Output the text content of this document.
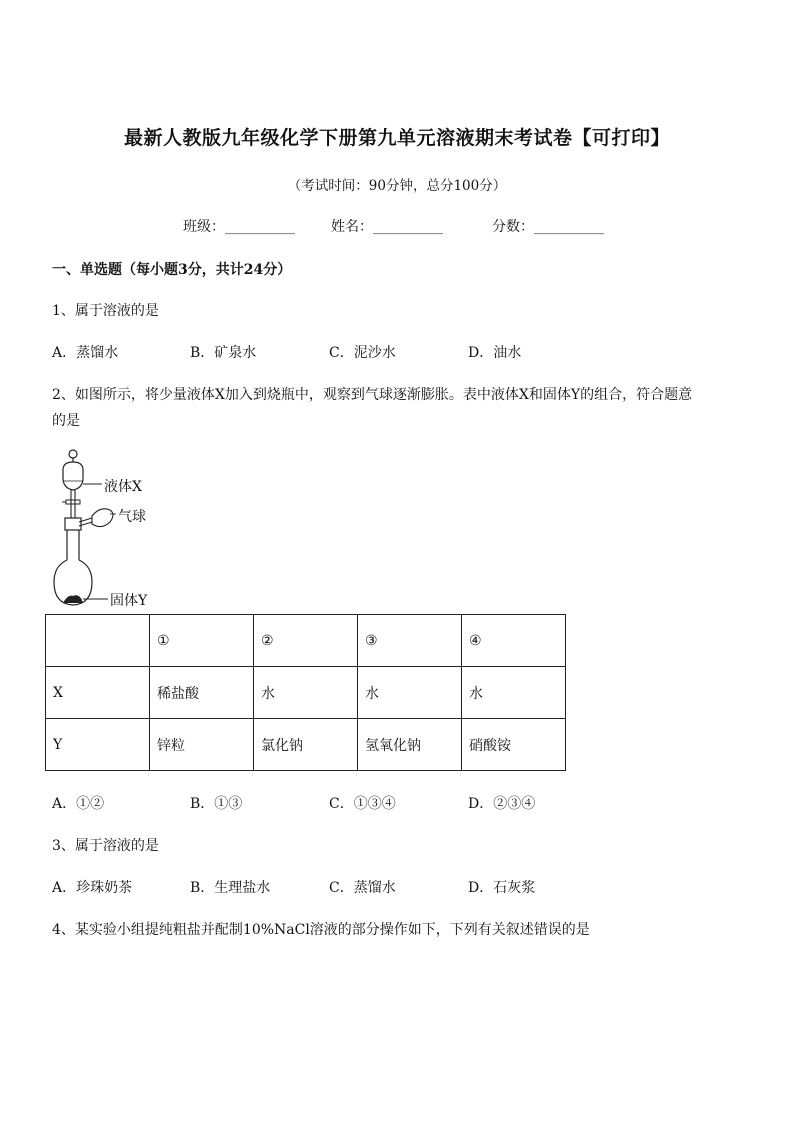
最新人教版九年级化学下册第九单元溶液期末考试卷【可打印】
（考试时间：90分钟，总分100分）
班级：__________	姓名：__________	分数：__________
一、单选题（每小题3分，共计24分）
1、属于溶液的是
A．蒸馏水	B．矿泉水	C．泥沙水	D．油水
2、如图所示，将少量液体X加入到烧瓶中，观察到气球逐渐膨胀。表中液体X和固体Y的组合，符合题意
的是
液体X
气球
固体Y
	①	②	③	④
X	稀盐酸	水	水	水
Y	锌粒	氯化钠	氢氧化钠	硝酸铵
A．①②	B．①③	C．①③④	D．②③④
3、属于溶液的是
A．珍珠奶茶	B．生理盐水	C．蒸馏水	D．石灰浆
4、某实验小组提纯粗盐并配制10%NaCl溶液的部分操作如下，下列有关叙述错误的是
